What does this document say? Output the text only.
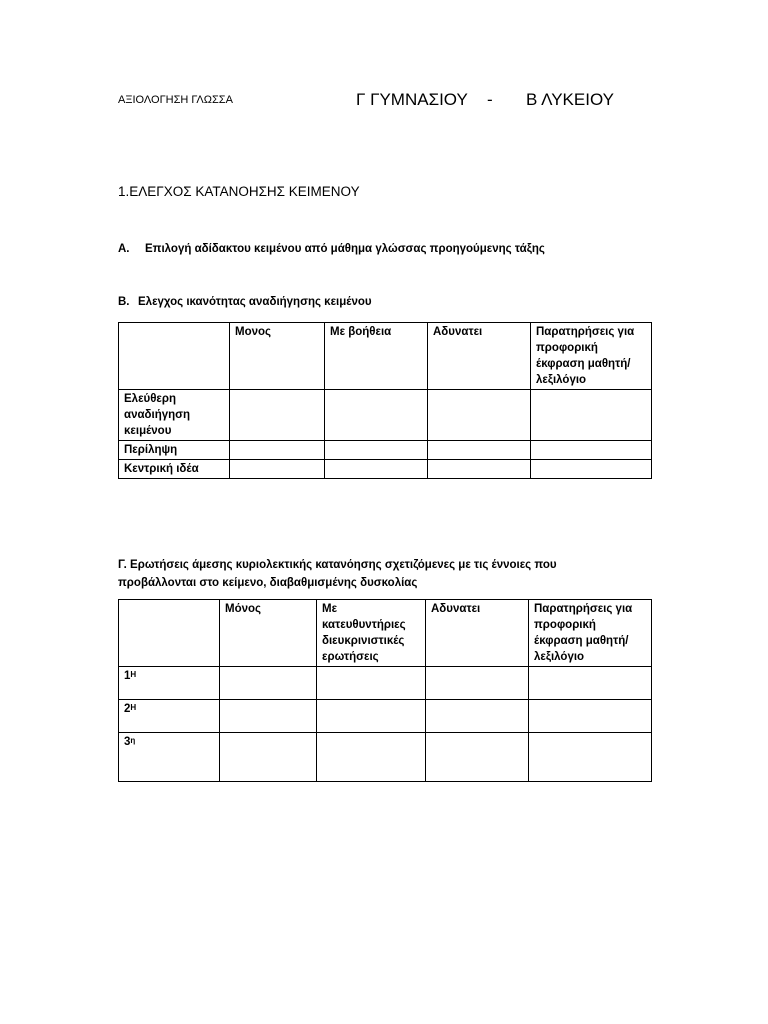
ΑΞΙΟΛΟΓΗΣΗ ΓΛΩΣΣΑ	Γ ΓΥΜΝΑΣΙΟΥ - Β ΛΥΚΕΙΟΥ
1.ΕΛΕΓΧΟΣ ΚΑΤΑΝΟΗΣΗΣ ΚΕΙΜΕΝΟΥ
Α. Επιλογή αδίδακτου κειμένου από μάθημα γλώσσας προηγούμενης τάξης
Β. Ελεγχος ικανότητας αναδιήγησης κειμένου
	Μονος	Με βοήθεια	Αδυνατει	Παρατηρήσεις για προφορική έκφραση μαθητή/λεξιλόγιο
Ελεύθερη αναδιήγηση κειμένου				
Περίληψη				
Κεντρική ιδέα				
Γ. Ερωτήσεις άμεσης κυριολεκτικής κατανόησης σχετιζόμενες με τις έννοιες που
προβάλλονται στο κείμενο, διαβαθμισμένης δυσκολίας
	Μόνος	Με κατευθυντήριες διευκρινιστικές ερωτήσεις	Αδυνατει	Παρατηρήσεις για προφορική έκφραση μαθητή/λεξιλόγιο
$1^H$				
$2^H$				
$3^\eta$				
